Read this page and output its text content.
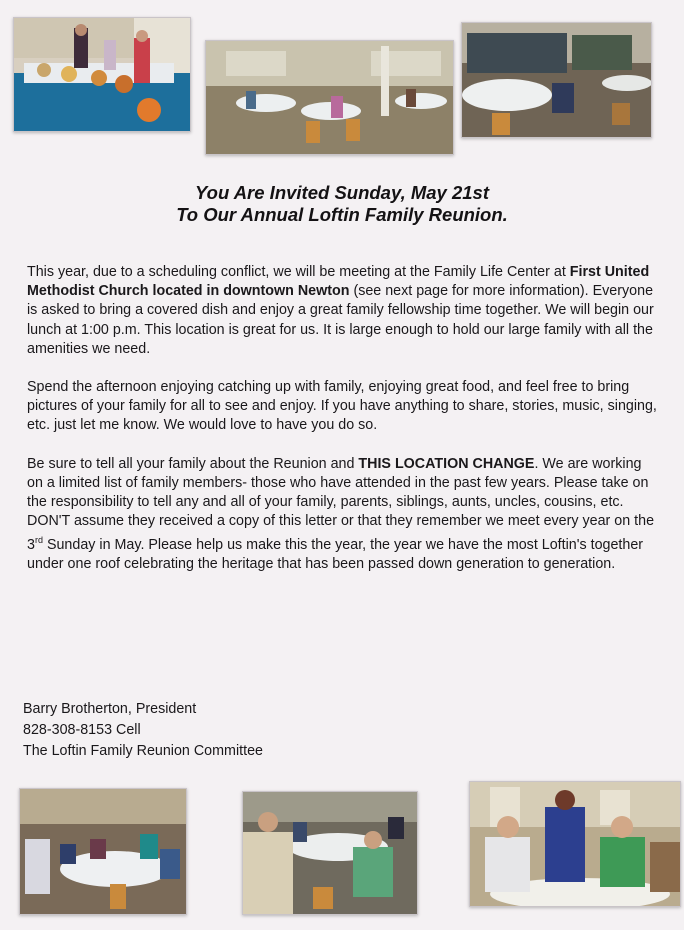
You Are Invited Sunday, May 21st
To Our Annual Loftin Family Reunion.

This year, due to a scheduling conflict, we will be meeting at the Family Life Center at First United Methodist Church located in downtown Newton (see next page for more information). Everyone is asked to bring a covered dish and enjoy a great family fellowship time together. We will begin our lunch at 1:00 p.m. This location is great for us. It is large enough to hold our large family with all the amenities we need.

Spend the afternoon enjoying catching up with family, enjoying great food, and feel free to bring pictures of your family for all to see and enjoy. If you have anything to share, stories, music, singing, etc. just let me know. We would love to have you do so.

Be sure to tell all your family about the Reunion and THIS LOCATION CHANGE. We are working on a limited list of family members- those who have attended in the past few years. Please take on the responsibility to tell any and all of your family, parents, siblings, aunts, uncles, cousins, etc. DON'T assume they received a copy of this letter or that they remember we meet every year on the 3rd Sunday in May. Please help us make this the year, the year we have the most Loftin's together under one roof celebrating the heritage that has been passed down generation to generation.

Barry Brotherton, President
828-308-8153 Cell
The Loftin Family Reunion Committee
